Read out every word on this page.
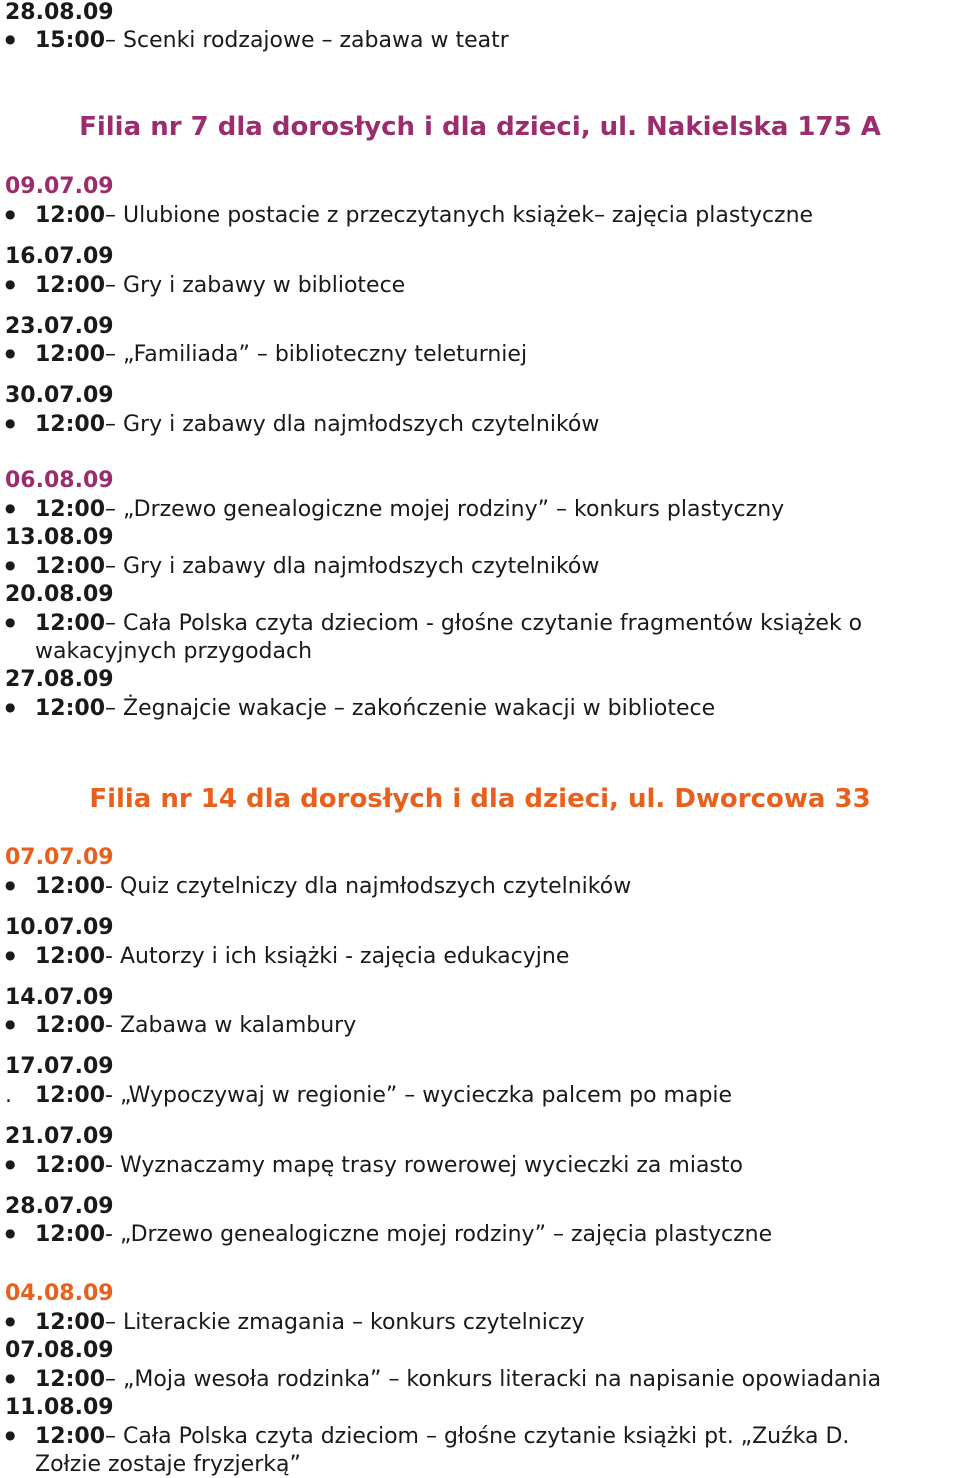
28.08.09
● 15:00 – Scenki rodzajowe – zabawa w teatr
Filia nr 7 dla dorosłych i dla dzieci, ul. Nakielska 175 A
09.07.09
● 12:00 – Ulubione postacie z przeczytanych książek– zajęcia plastyczne
16.07.09
● 12:00 – Gry i zabawy w bibliotece
23.07.09
● 12:00 – „Familiada” – biblioteczny teleturniej
30.07.09
● 12:00 – Gry i zabawy dla najmłodszych czytelników
06.08.09
● 12:00 – „Drzewo genealogiczne mojej rodziny” – konkurs plastyczny
13.08.09
● 12:00 – Gry i zabawy dla najmłodszych czytelników
20.08.09
● 12:00 – Cała Polska czyta dzieciom - głośne czytanie fragmentów książek o
wakacyjnych przygodach
27.08.09
● 12:00 – Żegnajcie wakacje – zakończenie wakacji w bibliotece
Filia nr 14 dla dorosłych i dla dzieci, ul. Dworcowa 33
07.07.09
● 12:00 - Quiz czytelniczy dla najmłodszych czytelników
10.07.09
● 12:00 - Autorzy i ich książki - zajęcia edukacyjne
14.07.09
● 12:00 - Zabawa w kalambury
17.07.09
.	12:00 - „Wypoczywaj w regionie” – wycieczka palcem po mapie
21.07.09
● 12:00 - Wyznaczamy mapę trasy rowerowej wycieczki za miasto
28.07.09
● 12:00 - „Drzewo genealogiczne mojej rodziny” – zajęcia plastyczne
04.08.09
● 12:00 – Literackie zmagania – konkurs czytelniczy
07.08.09
● 12:00 – „Moja wesoła rodzinka” – konkurs literacki na napisanie opowiadania
11.08.09
● 12:00 – Cała Polska czyta dzieciom – głośne czytanie książki pt. „Zuźka D.
Zołzie zostaje fryzjerką”
